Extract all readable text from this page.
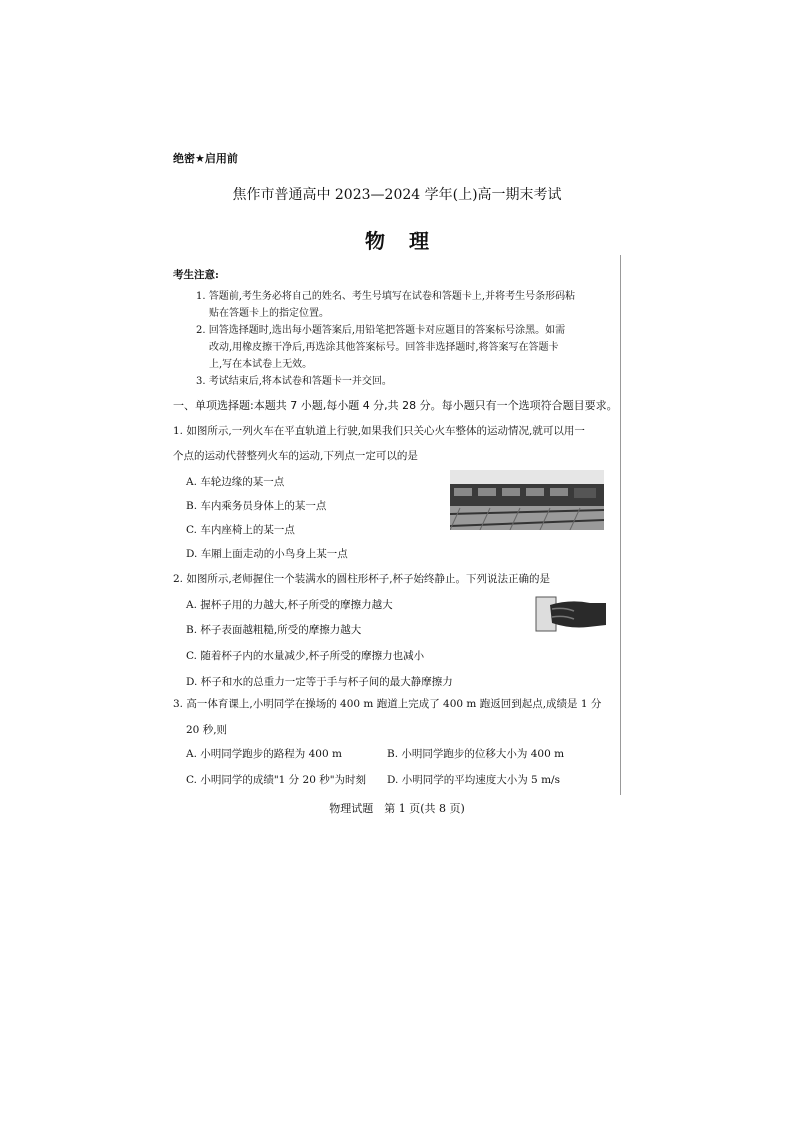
绝密★启用前
焦作市普通高中 2023—2024 学年(上)高一期末考试
物理
考生注意:
1. 答题前,考生务必将自己的姓名、考生号填写在试卷和答题卡上,并将考生号条形码粘
贴在答题卡上的指定位置。
2. 回答选择题时,选出每小题答案后,用铅笔把答题卡对应题目的答案标号涂黑。如需
改动,用橡皮擦干净后,再选涂其他答案标号。回答非选择题时,将答案写在答题卡
上,写在本试卷上无效。
3. 考试结束后,将本试卷和答题卡一并交回。
一、单项选择题:本题共 7 小题,每小题 4 分,共 28 分。每小题只有一个选项符合题目要求。
1. 如图所示,一列火车在平直轨道上行驶,如果我们只关心火车整体的运动情况,就可以用一
个点的运动代替整列火车的运动,下列点一定可以的是
A. 车轮边缘的某一点
B. 车内乘务员身体上的某一点
C. 车内座椅上的某一点
D. 车厢上面走动的小鸟身上某一点
2. 如图所示,老师握住一个装满水的圆柱形杯子,杯子始终静止。下列说法正确的是
A. 握杯子用的力越大,杯子所受的摩擦力越大
B. 杯子表面越粗糙,所受的摩擦力越大
C. 随着杯子内的水量减少,杯子所受的摩擦力也减小
D. 杯子和水的总重力一定等于手与杯子间的最大静摩擦力
3. 高一体育课上,小明同学在操场的 400 m 跑道上完成了 400 m 跑返回到起点,成绩是 1 分
20 秒,则
A. 小明同学跑步的路程为 400 m	B. 小明同学跑步的位移大小为 400 m
C. 小明同学的成绩"1 分 20 秒"为时刻 D. 小明同学的平均速度大小为 5 m/s
物理试题　第 1 页(共 8 页)
